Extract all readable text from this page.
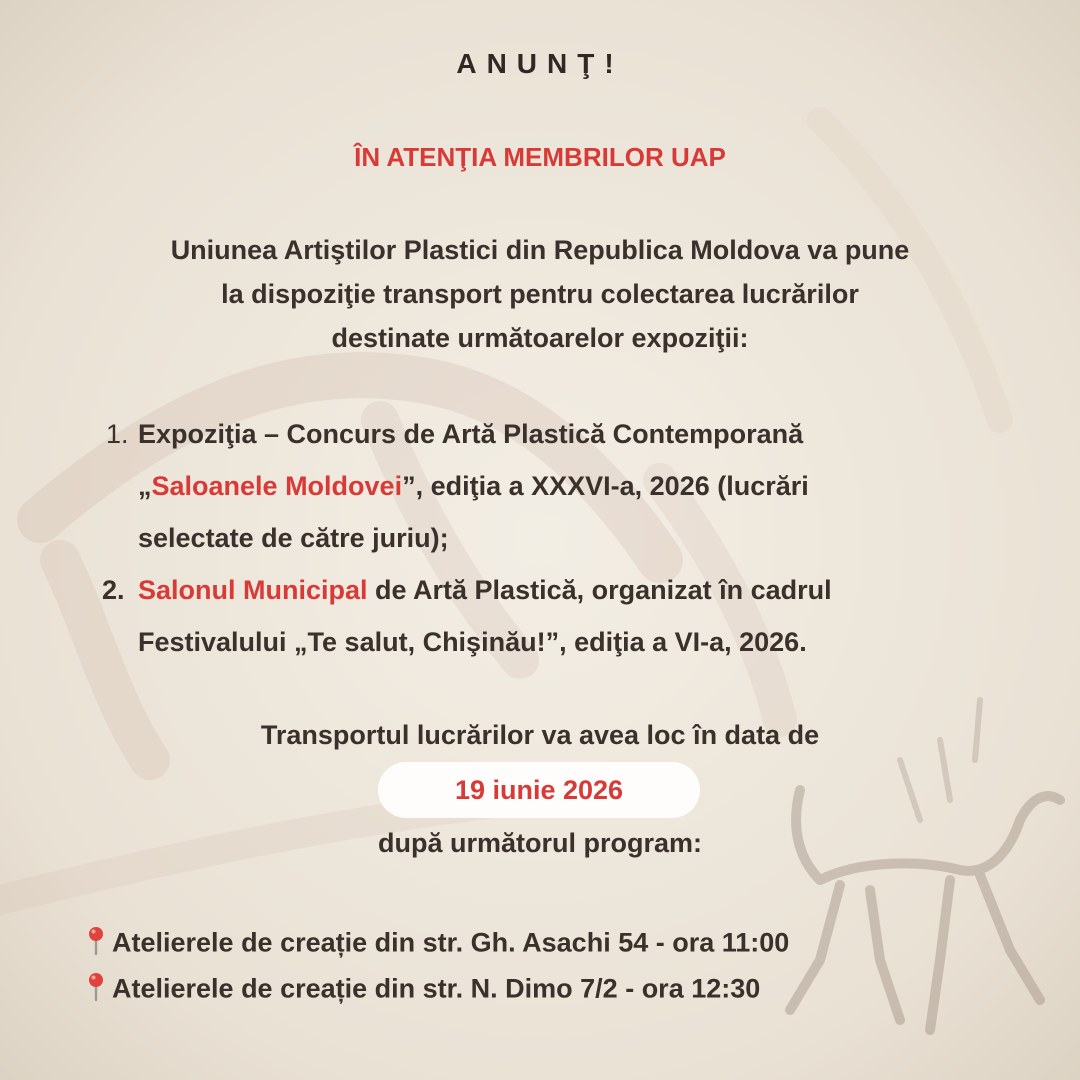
ANUNŢ!
ÎN ATENŢIA MEMBRILOR UAP
Uniunea Artiştilor Plastici din Republica Moldova va pune
la dispoziţie transport pentru colectarea lucrărilor
destinate următoarelor expoziţii:
1. Expoziţia – Concurs de Artă Plastică Contemporană
„Saloanele Moldovei”, ediţia a XXXVI-a, 2026 (lucrări
selectate de către juriu);
2. Salonul Municipal de Artă Plastică, organizat în cadrul
Festivalului „Te salut, Chişinău!”, ediţia a VI-a, 2026.
Transportul lucrărilor va avea loc în data de
19 iunie 2026
după următorul program:
Atelierele de creație din str. Gh. Asachi 54 - ora 11:00
Atelierele de creație din str. N. Dimo 7/2 - ora 12:30
